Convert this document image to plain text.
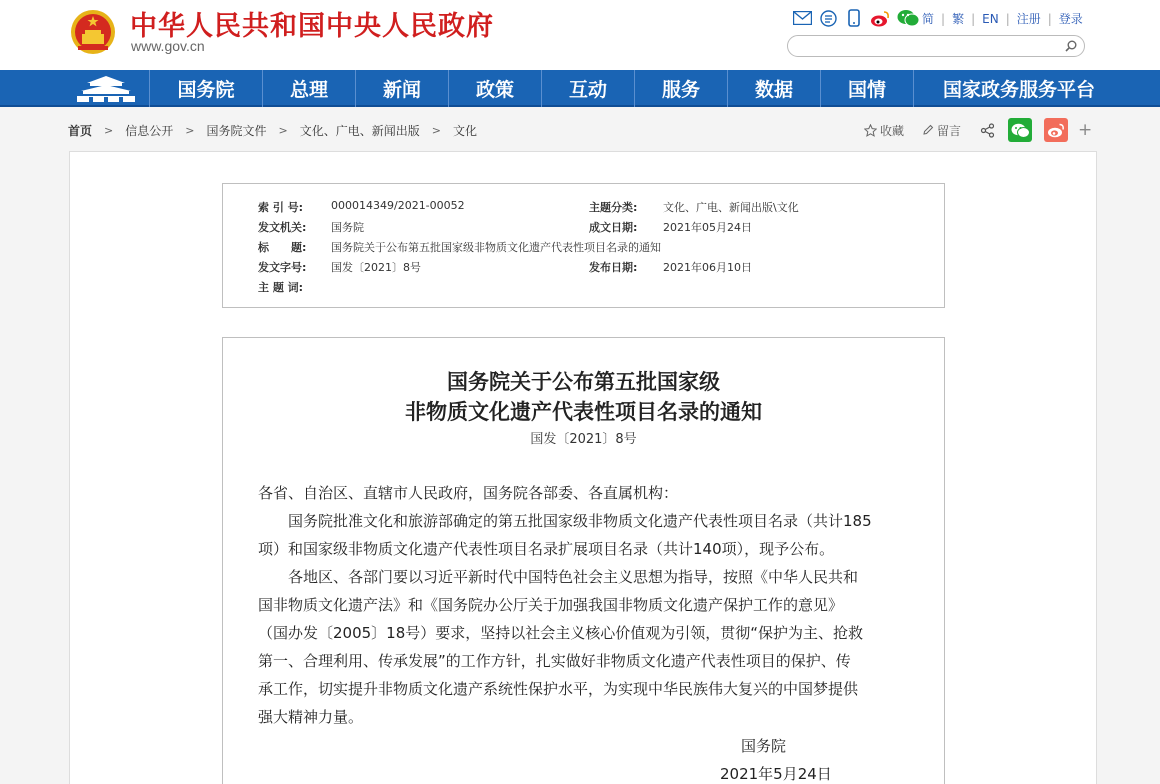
中华人民共和国中央人民政府
www.gov.cn
简 | 繁 | EN | 注册 | 登录
国务院	总理	新闻	政策	互动	服务	数据	国情	国家政务服务平台
首页 > 信息公开 > 国务院文件 > 文化、广电、新闻出版 > 文化	收藏	留言	+
索 引 号:	000014349/2021-00052	主题分类: 文化、广电、新闻出版\文化
发文机关: 国务院	成文日期: 2021年05月24日
标　　题: 国务院关于公布第五批国家级非物质文化遗产代表性项目名录的通知
发文字号: 国发〔2021〕8号	发布日期: 2021年06月10日
主 题 词:
国务院关于公布第五批国家级
非物质文化遗产代表性项目名录的通知
国发〔2021〕8号
各省、自治区、直辖市人民政府，国务院各部委、各直属机构：
　　国务院批准文化和旅游部确定的第五批国家级非物质文化遗产代表性项目名录（共计185
项）和国家级非物质文化遗产代表性项目名录扩展项目名录（共计140项），现予公布。
　　各地区、各部门要以习近平新时代中国特色社会主义思想为指导，按照《中华人民共和
国非物质文化遗产法》和《国务院办公厅关于加强我国非物质文化遗产保护工作的意见》
（国办发〔2005〕18号）要求，坚持以社会主义核心价值观为引领，贯彻“保护为主、抢救
第一、合理利用、传承发展”的工作方针，扎实做好非物质文化遗产代表性项目的保护、传
承工作，切实提升非物质文化遗产系统性保护水平，为实现中华民族伟大复兴的中国梦提供
强大精神力量。
国务院
2021年5月24日
